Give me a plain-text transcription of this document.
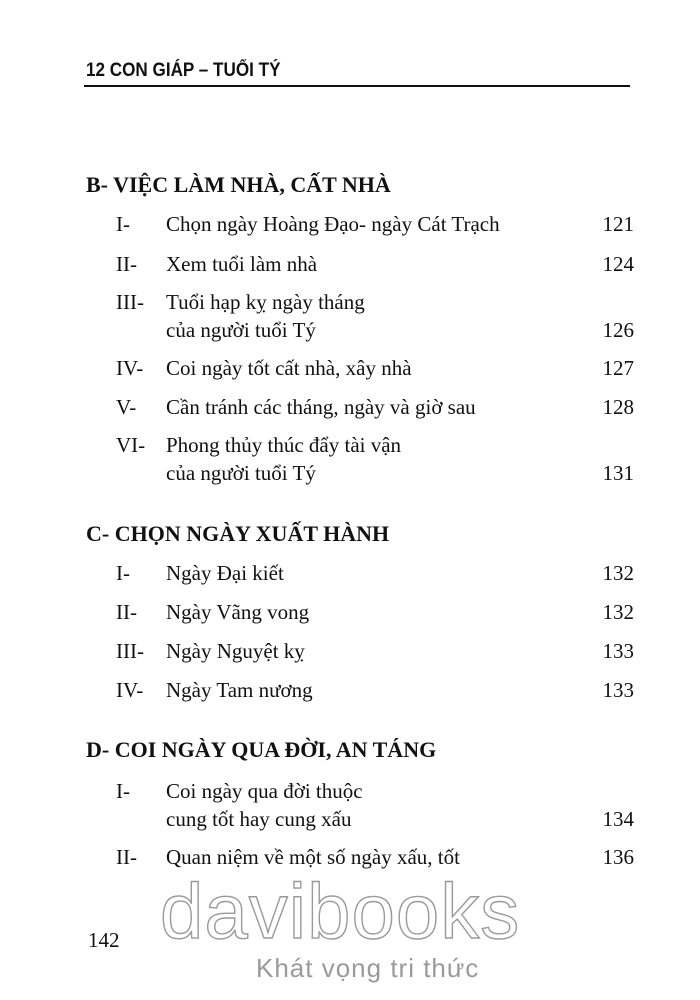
12 CON GIÁP – TUỔI TÝ
B- VIỆC LÀM NHÀ, CẤT NHÀ
I- Chọn ngày Hoàng Đạo- ngày Cát Trạch	121
II- Xem tuổi làm nhà	124
III- Tuổi hạp kỵ ngày tháng
của người tuổi Tý	126
IV- Coi ngày tốt cất nhà, xây nhà	127
V- Cần tránh các tháng, ngày và giờ sau	128
VI- Phong thủy thúc đẩy tài vận
của người tuổi Tý	131
C- CHỌN NGÀY XUẤT HÀNH
I- Ngày Đại kiết	132
II- Ngày Vãng vong	132
III- Ngày Nguyệt kỵ	133
IV- Ngày Tam nương	133
D- COI NGÀY QUA ĐỜI, AN TÁNG
I- Coi ngày qua đời thuộc
cung tốt hay cung xấu	134
II- Quan niệm về một số ngày xấu, tốt	136
142 davibooks
Khát vọng tri thức
